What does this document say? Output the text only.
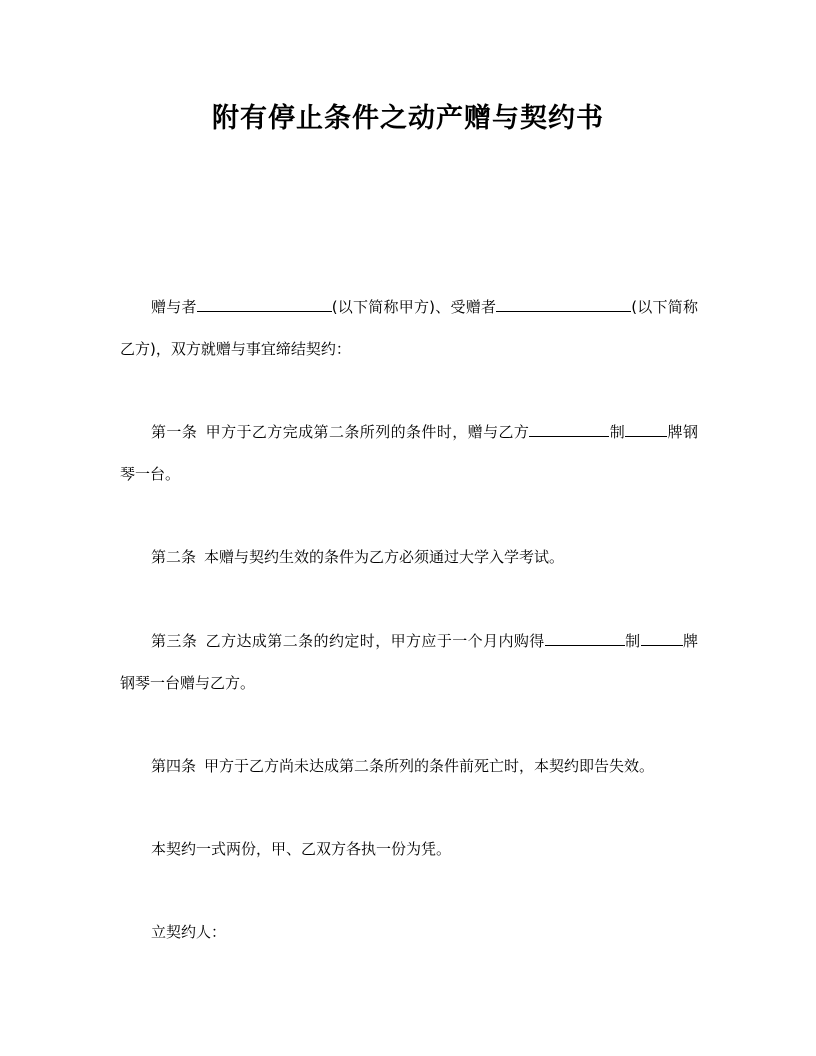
附有停止条件之动产赠与契约书
赠与者	(以下简称甲方)、受赠者	(以下简称乙方)，双方就赠与事宜缔结契约：
第一条 甲方于乙方完成第二条所列的条件时，赠与乙方	制	牌钢琴一台。
第二条 本赠与契约生效的条件为乙方必须通过大学入学考试。
第三条 乙方达成第二条的约定时，甲方应于一个月内购得	制	牌钢琴一台赠与乙方。
第四条 甲方于乙方尚未达成第二条所列的条件前死亡时，本契约即告失效。
本契约一式两份，甲、乙双方各执一份为凭。
立契约人：
